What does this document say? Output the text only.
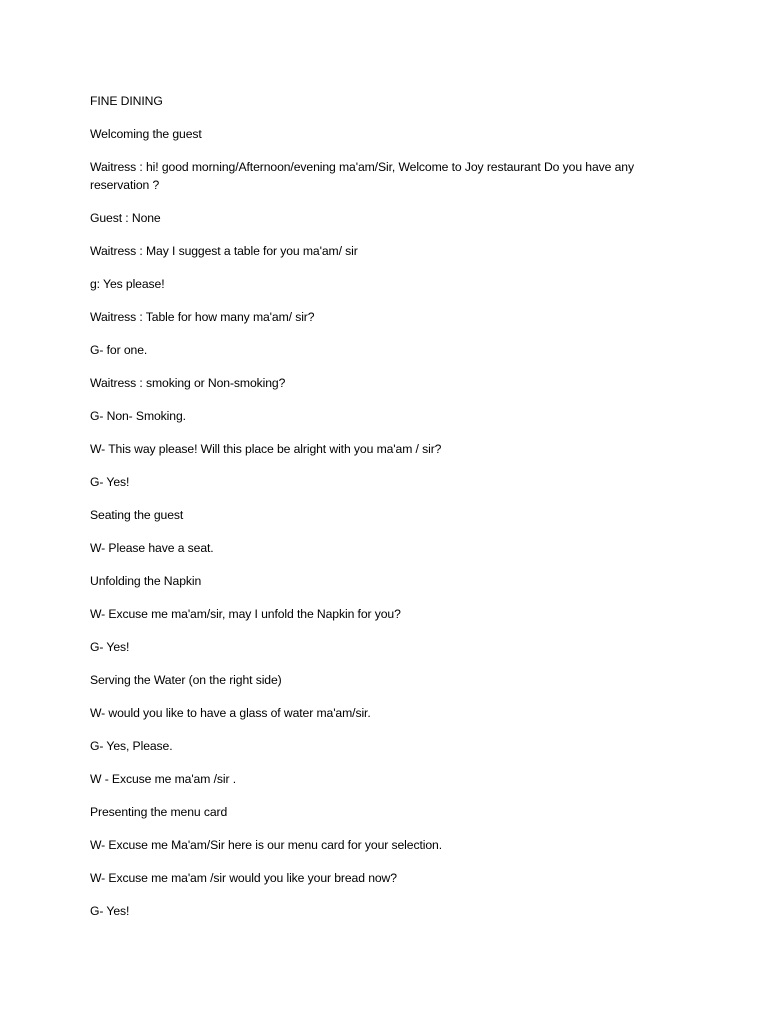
FINE DINING

Welcoming the guest

Waitress : hi! good morning/Afternoon/evening ma'am/Sir, Welcome to Joy restaurant Do you have any reservation ?

Guest : None

Waitress : May I suggest a table for you ma'am/ sir

g: Yes please!

Waitress : Table for how many ma'am/ sir?

G- for one.

Waitress : smoking or Non-smoking?

G- Non- Smoking.

W- This way please! Will this place be alright with you ma'am / sir?

G- Yes!

Seating the guest

W- Please have a seat.

Unfolding the Napkin

W- Excuse me ma'am/sir, may I unfold the Napkin for you?

G- Yes!

Serving the Water (on the right side)

W- would you like to have a glass of water ma'am/sir.

G- Yes, Please.

W - Excuse me ma'am /sir .

Presenting the menu card

W- Excuse me Ma'am/Sir here is our menu card for your selection.

W- Excuse me ma'am /sir would you like your bread now?

G- Yes!
